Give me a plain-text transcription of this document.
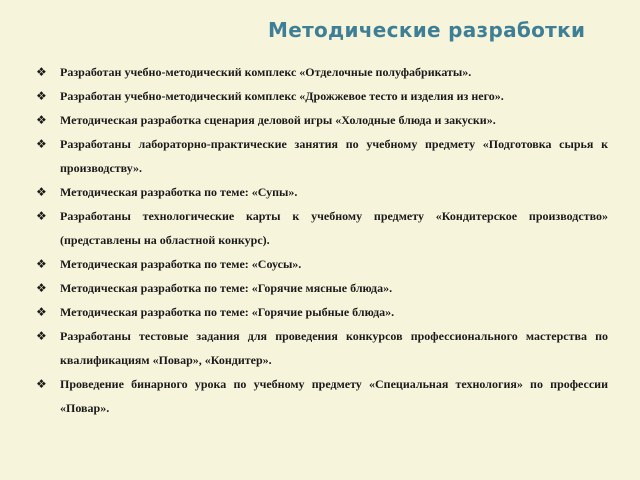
Методические разработки
❖ Разработан учебно-методический комплекс «Отделочные полуфабрикаты».
❖ Разработан учебно-методический комплекс «Дрожжевое тесто и изделия из него».
❖ Методическая разработка сценария деловой игры «Холодные блюда и закуски».
❖ Разработаны лабораторно-практические занятия по учебному предмету «Подготовка сырья к производству».
❖ Методическая разработка по теме: «Супы».
❖ Разработаны технологические карты к учебному предмету «Кондитерское производство» (представлены на областной конкурс).
❖ Методическая разработка по теме: «Соусы».
❖ Методическая разработка по теме: «Горячие мясные блюда».
❖ Методическая разработка по теме: «Горячие рыбные блюда».
❖ Разработаны тестовые задания для проведения конкурсов профессионального мастерства по квалификациям «Повар», «Кондитер».
❖ Проведение бинарного урока по учебному предмету «Специальная технология» по профессии «Повар».
